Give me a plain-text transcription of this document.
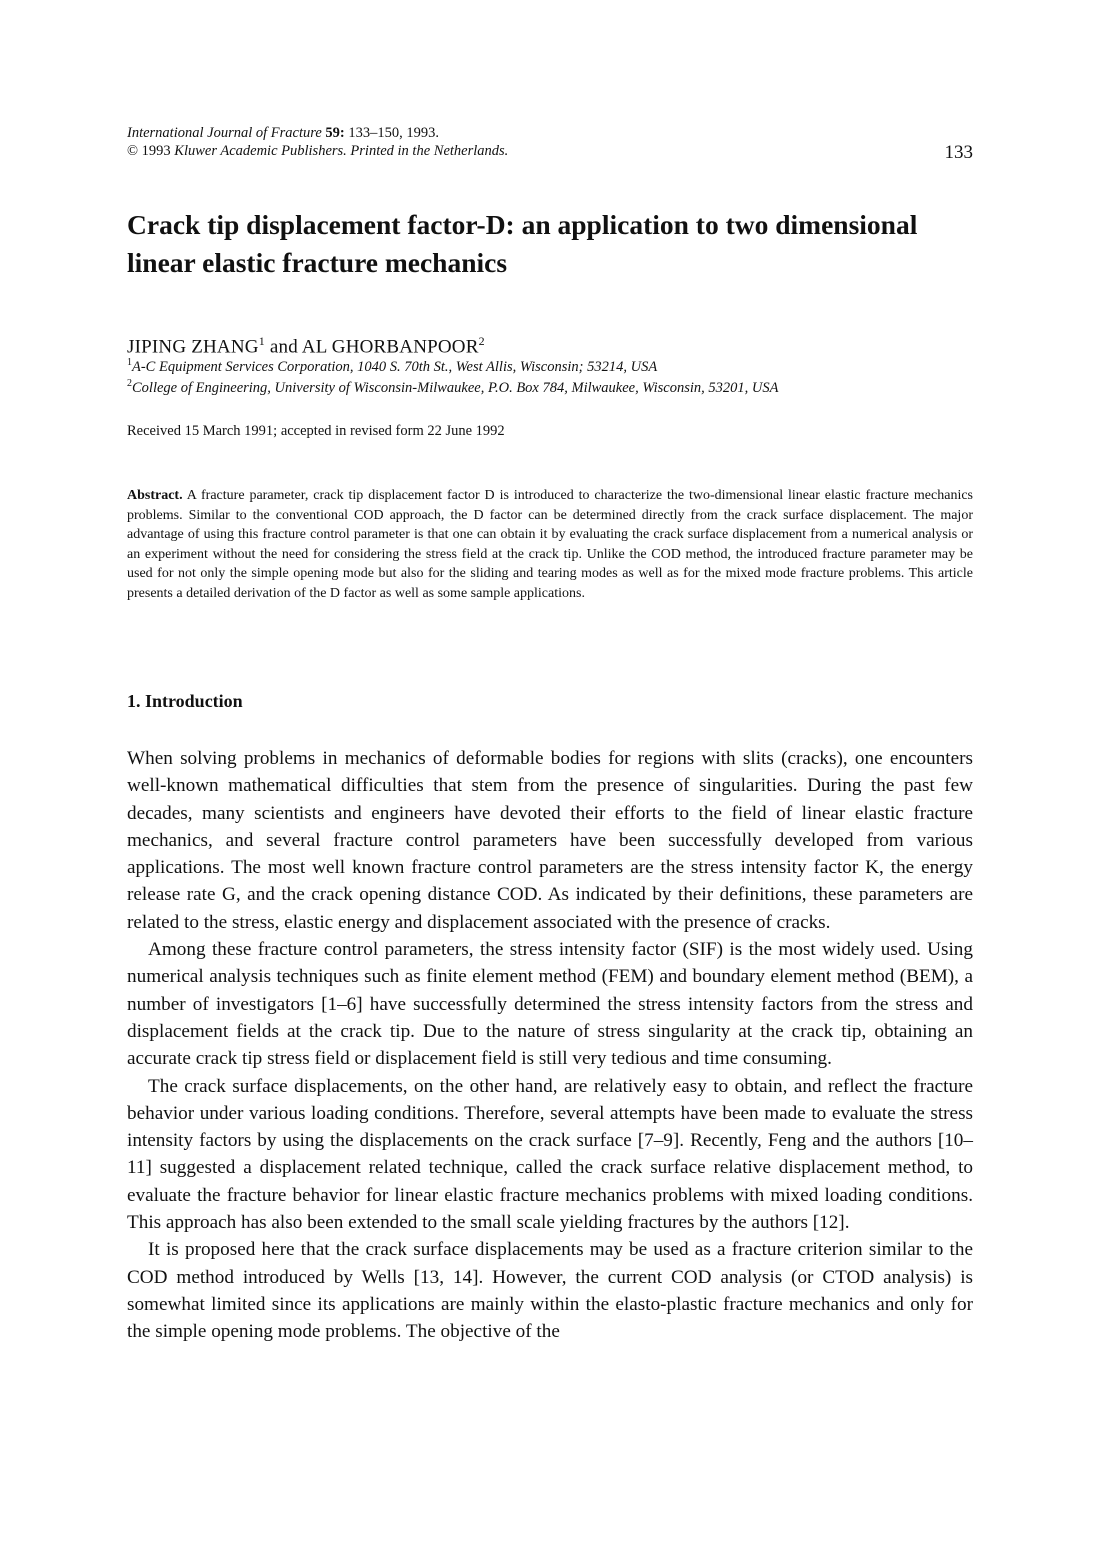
International Journal of Fracture 59: 133–150, 1993.
© 1993 Kluwer Academic Publishers. Printed in the Netherlands.	133
Crack tip displacement factor-D: an application to two dimensional linear elastic fracture mechanics
JIPING ZHANG$^1$ and AL GHORBANPOOR$^2$
$^1$A-C Equipment Services Corporation, 1040 S. 70th St., West Allis, Wisconsin; 53214, USA
$^2$College of Engineering, University of Wisconsin-Milwaukee, P.O. Box 784, Milwaukee, Wisconsin, 53201, USA
Received 15 March 1991; accepted in revised form 22 June 1992

Abstract. A fracture parameter, crack tip displacement factor D is introduced to characterize the two-dimensional linear elastic fracture mechanics problems. Similar to the conventional COD approach, the D factor can be determined directly from the crack surface displacement. The major advantage of using this fracture control parameter is that one can obtain it by evaluating the crack surface displacement from a numerical analysis or an experiment without the need for considering the stress field at the crack tip. Unlike the COD method, the introduced fracture parameter may be used for not only the simple opening mode but also for the sliding and tearing modes as well as for the mixed mode fracture problems. This article presents a detailed derivation of the D factor as well as some sample applications.

1. Introduction

When solving problems in mechanics of deformable bodies for regions with slits (cracks), one encounters well-known mathematical difficulties that stem from the presence of singularities. During the past few decades, many scientists and engineers have devoted their efforts to the field of linear elastic fracture mechanics, and several fracture control parameters have been successfully developed from various applications. The most well known fracture control parameters are the stress intensity factor K, the energy release rate G, and the crack opening distance COD. As indicated by their definitions, these parameters are related to the stress, elastic energy and displacement associated with the presence of cracks.

Among these fracture control parameters, the stress intensity factor (SIF) is the most widely used. Using numerical analysis techniques such as finite element method (FEM) and boundary element method (BEM), a number of investigators [1–6] have successfully determined the stress intensity factors from the stress and displacement fields at the crack tip. Due to the nature of stress singularity at the crack tip, obtaining an accurate crack tip stress field or displacement field is still very tedious and time consuming.

The crack surface displacements, on the other hand, are relatively easy to obtain, and reflect the fracture behavior under various loading conditions. Therefore, several attempts have been made to evaluate the stress intensity factors by using the displacements on the crack surface [7–9]. Recently, Feng and the authors [10–11] suggested a displacement related technique, called the crack surface relative displacement method, to evaluate the fracture behavior for linear elastic fracture mechanics problems with mixed loading conditions. This approach has also been extended to the small scale yielding fractures by the authors [12].

It is proposed here that the crack surface displacements may be used as a fracture criterion similar to the COD method introduced by Wells [13, 14]. However, the current COD analysis (or CTOD analysis) is somewhat limited since its applications are mainly within the elasto-plastic fracture mechanics and only for the simple opening mode problems. The objective of the
